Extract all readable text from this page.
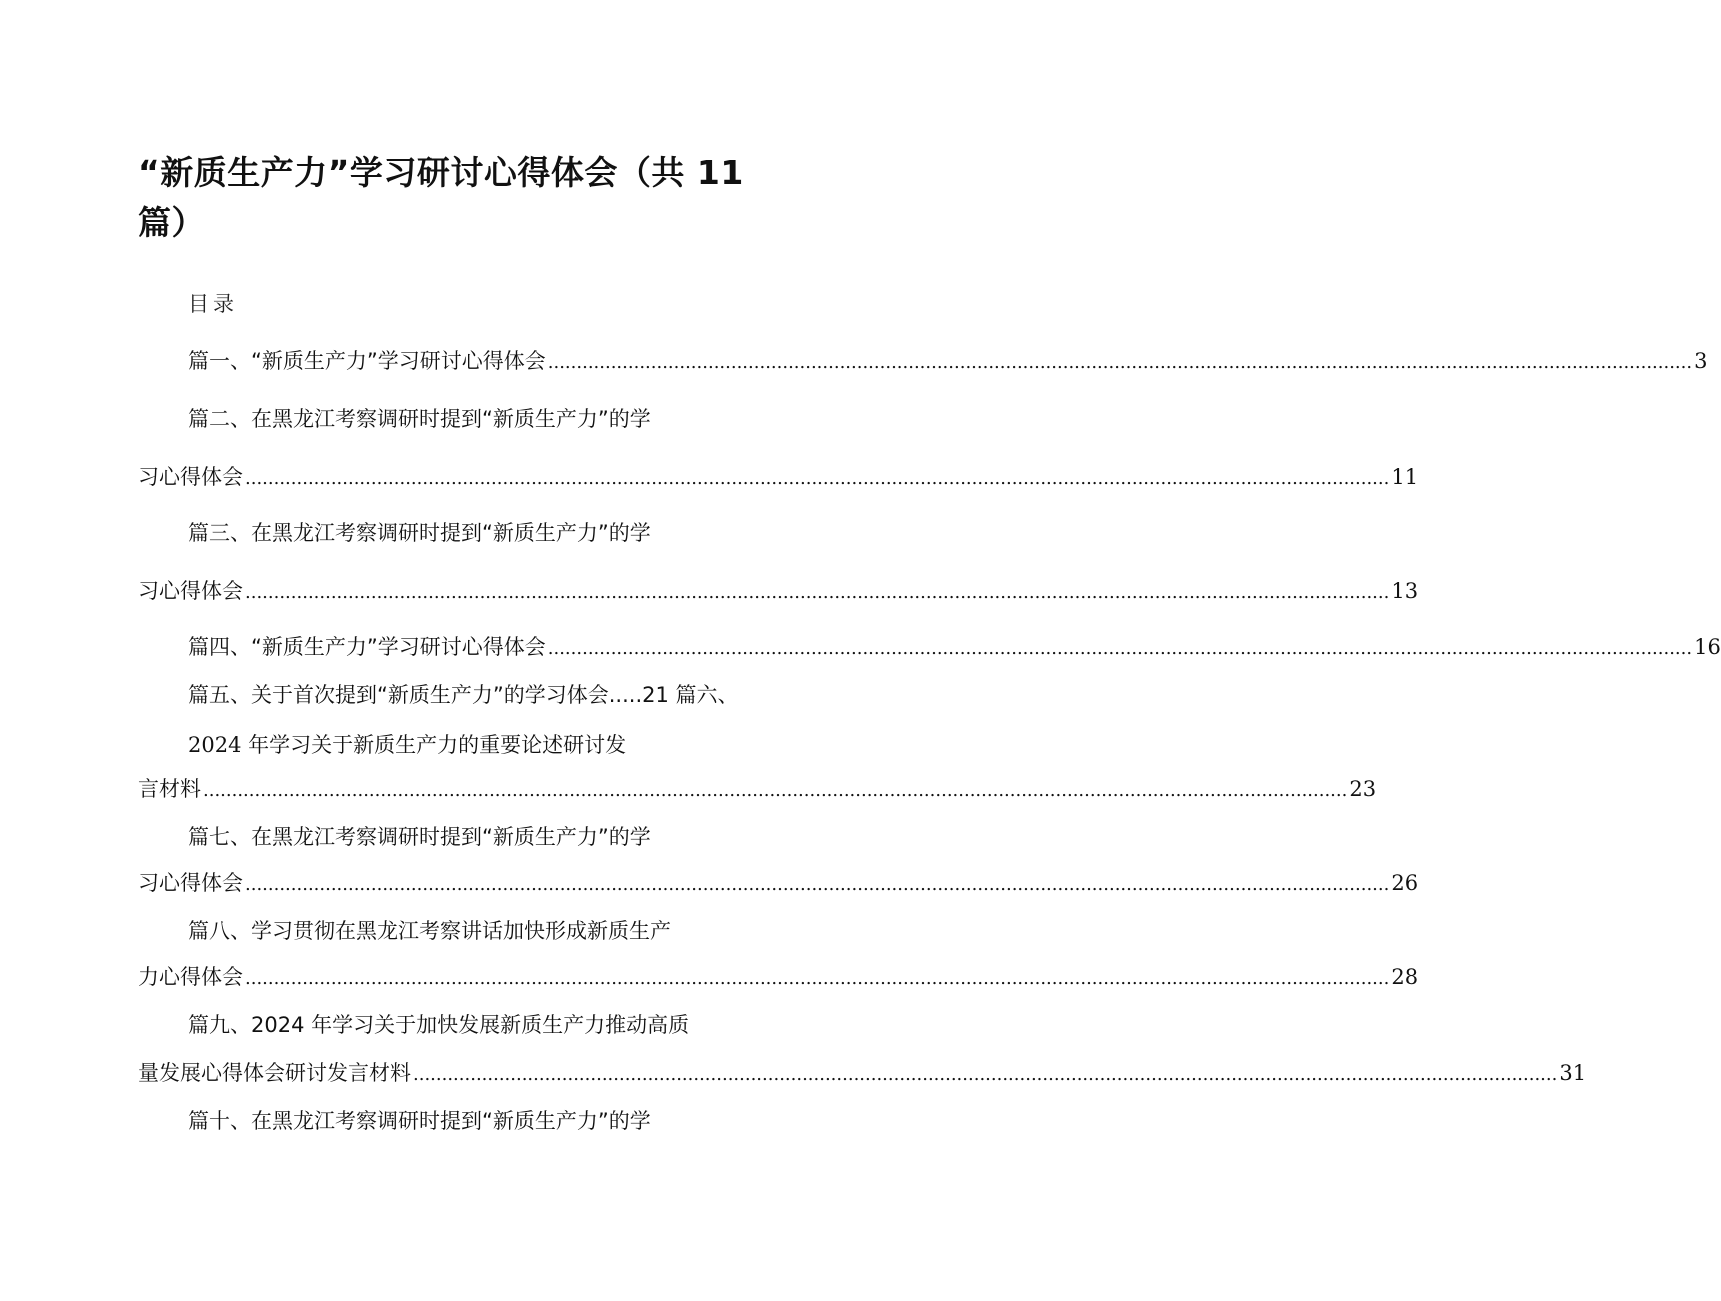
“新质生产力”学习研讨心得体会（共 11 篇）
目录
篇一、“新质生产力”学习研讨心得体会 ........................................................................................................................................................................................................ 3
篇二、在黑龙江考察调研时提到“新质生产力”的学
习心得体会 ........................................................................................................................................................................................................ 11
篇三、在黑龙江考察调研时提到“新质生产力”的学
习心得体会 ........................................................................................................................................................................................................ 13
篇四、“新质生产力”学习研讨心得体会 ........................................................................................................................................................................................................ 16
篇五、关于首次提到“新质生产力”的学习体会.....21 篇六、
2024 年学习关于新质生产力的重要论述研讨发
言材料 ........................................................................................................................................................................................................ 23
篇七、在黑龙江考察调研时提到“新质生产力”的学
习心得体会 ........................................................................................................................................................................................................ 26
篇八、学习贯彻在黑龙江考察讲话加快形成新质生产
力心得体会 ........................................................................................................................................................................................................ 28
篇九、2024 年学习关于加快发展新质生产力推动高质
量发展心得体会研讨发言材料 ........................................................................................................................................................................................................ 31
篇十、在黑龙江考察调研时提到“新质生产力”的学
